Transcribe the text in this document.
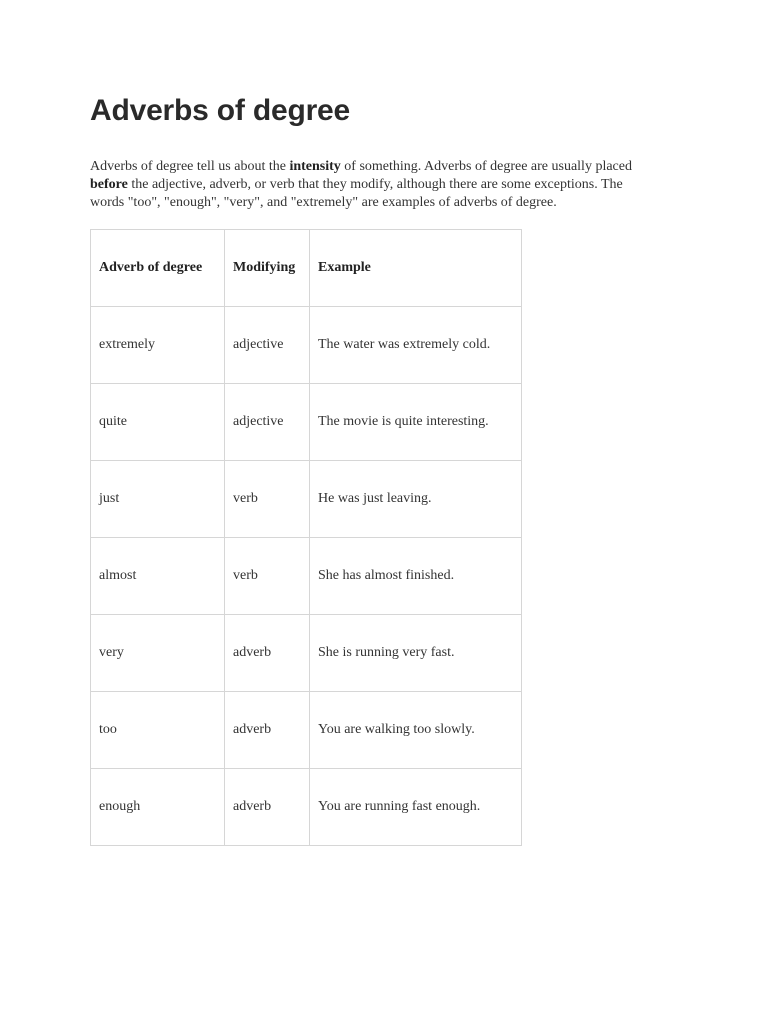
Adverbs of degree

Adverbs of degree tell us about the intensity of something. Adverbs of degree are usually placed before the adjective, adverb, or verb that they modify, although there are some exceptions. The words "too", "enough", "very", and "extremely" are examples of adverbs of degree.

Adverb of degree	Modifying	Example
extremely	adjective	The water was extremely cold.
quite	adjective	The movie is quite interesting.
just	verb	He was just leaving.
almost	verb	She has almost finished.
very	adverb	She is running very fast.
too	adverb	You are walking too slowly.
enough	adverb	You are running fast enough.
